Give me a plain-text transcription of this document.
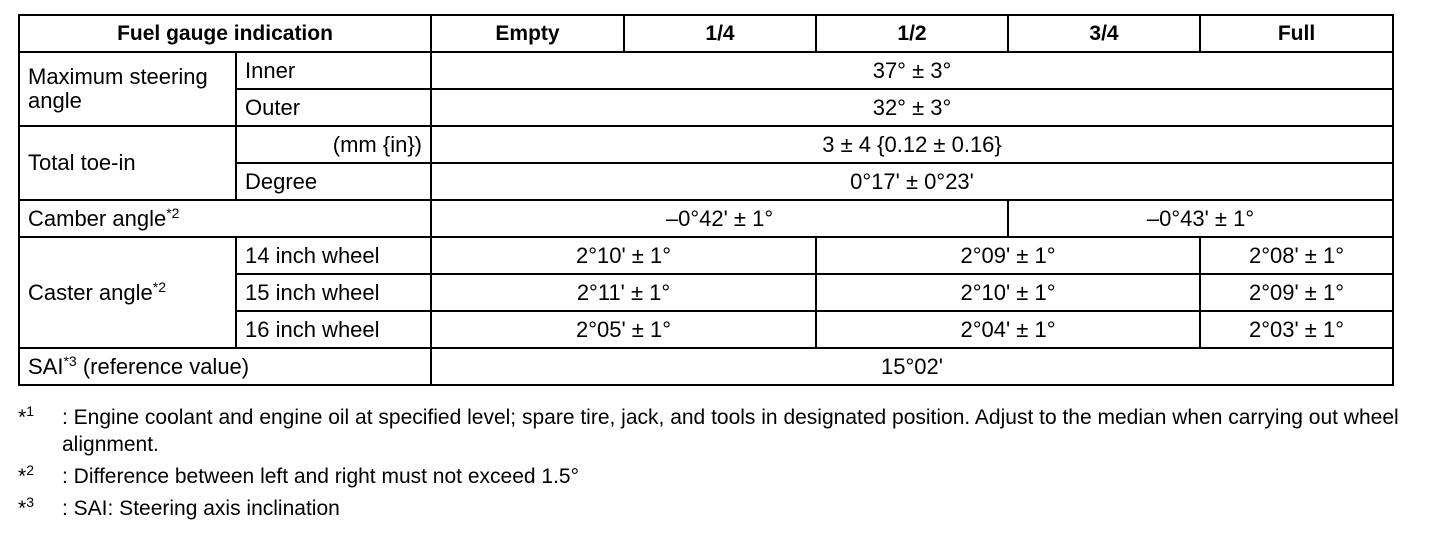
Fuel gauge indication		Empty	1/4	1/2	3/4	Full
Maximum steering angle	Inner	37° ± 3°				
	Outer	32° ± 3°				
Total toe-in	(mm {in})	3 ± 4 {0.12 ± 0.16}				
	Degree	0°17' ± 0°23'				
Camber angle$^{*2}$		–0°42' ± 1°			–0°43' ± 1°	
Caster angle$^{*2}$	14 inch wheel	2°10' ± 1°		2°09' ± 1°		2°08' ± 1°
	15 inch wheel	2°11' ± 1°		2°10' ± 1°		2°09' ± 1°
	16 inch wheel	2°05' ± 1°		2°04' ± 1°		2°03' ± 1°
SAI$^{*3}$ (reference value)		15°02'				
*$^1$	: Engine coolant and engine oil at specified level; spare tire, jack, and tools in designated position. Adjust to the median when carrying out wheel alignment.
*$^2$	: Difference between left and right must not exceed 1.5°
*$^3$	: SAI: Steering axis inclination
